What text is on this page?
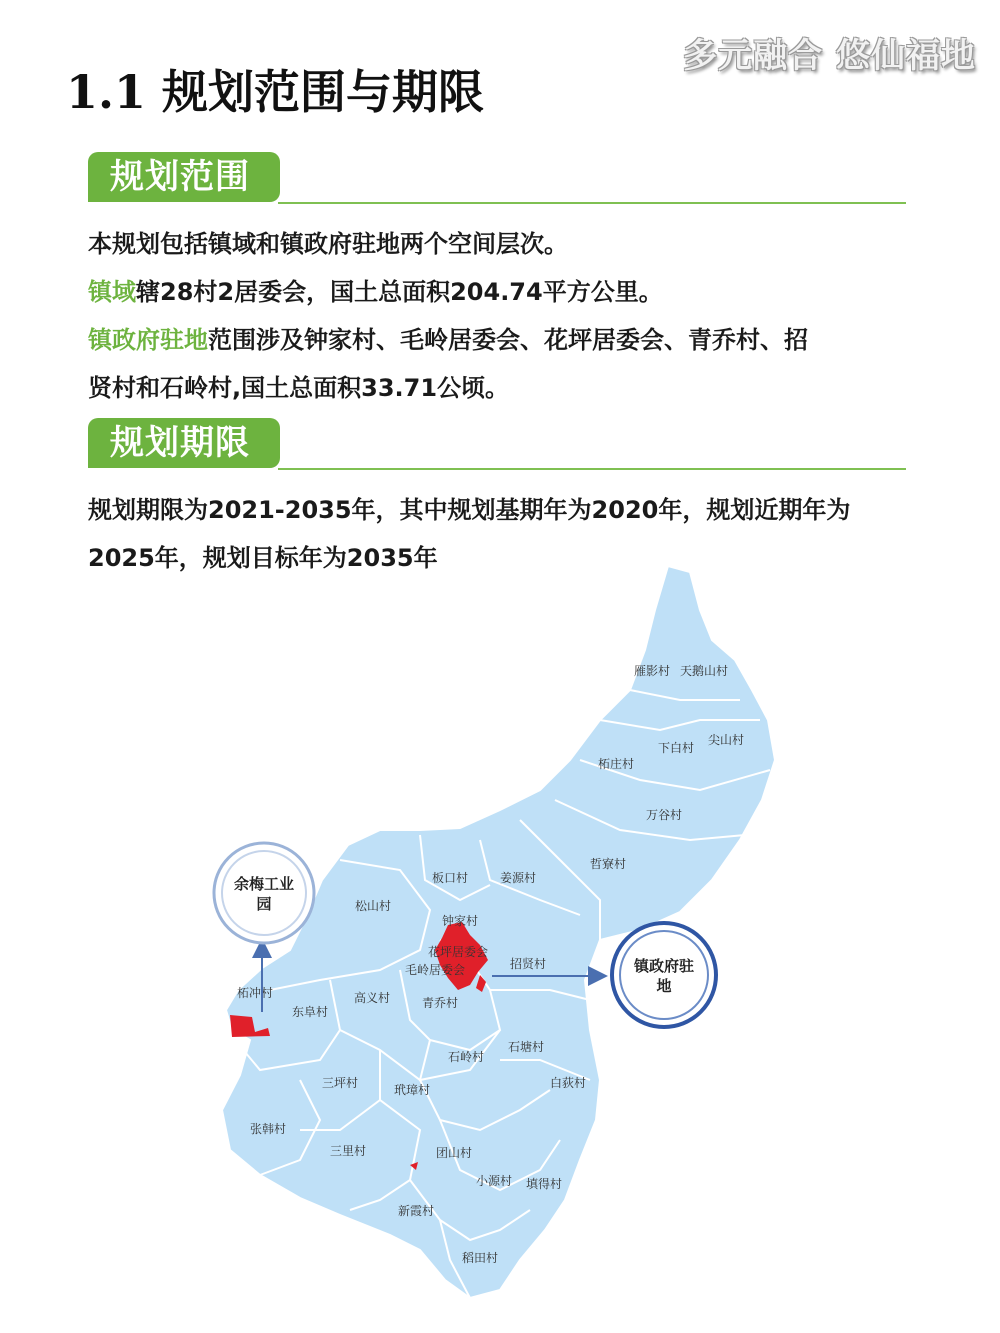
多元融合 悠仙福地
1.1 规划范围与期限
规划范围

本规划包括镇域和镇政府驻地两个空间层次。

镇域辖28村2居委会，国土总面积204.74平方公里。

镇政府驻地范围涉及钟家村、毛岭居委会、花坪居委会、青乔村、招

贤村和石岭村,国土总面积33.71公顷。

规划期限

规划期限为2021-2035年，其中规划基期年为2020年，规划近期年为

2025年，规划目标年为2035年

雁影村 天鹅山村
下白村
尖山村
柘庄村
万谷村
哲寮村
板口村	姜源村
松山村
钟家村
花坪居委会
毛岭居委会	招贤村
柘冲村	高义村	青乔村
东阜村
石岭村
石塘村
三坪村	玳璋村	白荻村
张韩村
三里村	团山村
小源村 填得村
新霞村
稻田村
余梅工业
园
镇政府驻
地
